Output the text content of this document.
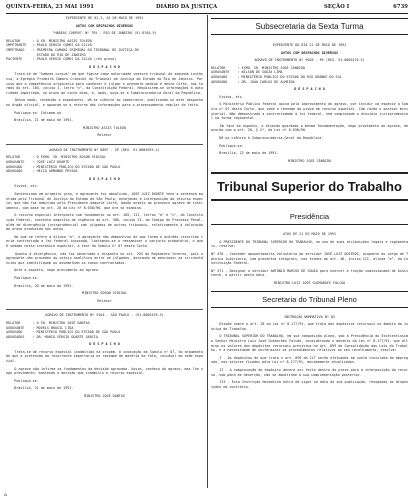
QUINTA-FEIRA, 23 MAI 1991	DIÁRIO DA JUSTIÇA	SEÇÃO I	6739
EXPEDIENTE DE 02.2, 61 DE MAIO DE 1991
AUTOS COM DESPACHOS DIVERSOS
"HABEAS CORPUS" Nº 795 - RIO DE JANEIRO (91.0765-9)
RELATOR      : O SR. MINISTRO ASSIS TOLEDO
IMPETRANTE   : PAULO SERGIO COMES DA SILVA
IMPETRADO    : PRIMEIRA CAMARA CRIMINAL DO TRIBUNAL DE JUSTIÇA DO
ESTADO DO RIO DE JANEIRO
PACIENTE     : PAULO SERGIO COMES DA SILVA (réu preso)
D E S P A C H O
Trata-se de "habeas corpus" em que figura como autoridade coatora tribunal de segunda instância, a Egrégia Primeira Câmara Criminal do Tribunal de Justiça do Estado do Rio de Janeiro. Por isso que a competência originária para conhecer e julgar o presente pedido é desta Corte, nos termos do art. 105, inciso I, letra "c", da Constituição Federal. Requisitem-se informações à autoridade impetrada, no prazo de cinco dias, e, após, ouça-se a Subprocuradoria Geral da República.
Desse modo, recebido o expediente, dê-se ciência ao impetrante, publicando-se este despacho no órgão oficial, e aguarde-se o retorno das informações para o processamento regular do feito.
Publique-se. Intimem-se.
Brasília, 21 de maio de 1991.
MINISTRO ASSIS TOLEDO
Relator
AGRAVO DE INSTRUMENTO Nº 8897 - SP (REG. 91.0004993-1)
RELATOR      : O EXMO. SR. MINISTRO EDSON VIDIGAL
AGRAVANTE    : JOSÉ LUIZ DUARTE
AGRAVADO     : MINISTÉRIO PÚBLICO DO ESTADO DE SÃO PAULO
ADVOGADO     : HÉLIO ARMANDO PESSOA
D E S P A C H O
Vistos, etc.
Sentenciado em primeiro grau, o agravante foi absolvido, JOSÉ LUIZ DUARTE teve a sentença mantida pelo Tribunal de Justiça do Estado de São Paulo, ensejando a interposição do recurso especial que não foi admitido pelo Presidente daquela Corte, dando ensejo ao presente agravo de instrumento, com base no art. 28 da Lei nº 8.038/90, que ora se examina.
O recurso especial interposto com fundamento no art. 105, III, letras "a" e "c", da Constituição Federal, sustenta negativa de vigência ao art. 386, inciso VI, do Código de Processo Penal, além de divergência jurisprudencial com julgados de outros tribunais, relativamente à valoração da prova produzida nos autos.
No que se refere à alínea "a", o agravante não demonstrou de que forma o acórdão recorrido teria contrariado a lei federal invocada, limitando-se a reexaminar o conjunto probatório, o que é vedado nesta instância especial, a teor da Súmula nº 07 desta Corte.
Quanto à divergência, não foi observado o disposto no art. 255 do Regimento Interno, pois o agravante não procedeu ao cotejo analítico entre os julgados, deixando de mencionar as circunstâncias que identifiquem ou assemelhem os casos confrontados.
Ante o exposto, nego provimento ao agravo.
Publique-se.
Brasília, 20 de maio de 1991.
MINISTRO EDSON VIDIGAL
Relator
AGRAVO DE INSTRUMENTO Nº 9104 - SÃO PAULO - (91.0005476-5)
RELATOR      : O SR. MINISTRO JOSÉ DANTAS
AGRAVANTE    : MOVEIS BRASIL LTDA
AGRAVADO     : MINISTÉRIO PÚBLICO DO ESTADO DE SÃO PAULO
ADVOGADOS    : DR. MÁRIO SÉRGIO DUARTE GARCIA
D E S P A C H O
Trata-se de recurso especial inadmitido na origem, à invocação da Súmula nº 07, ao argumento de que a pretensão do recorrente importaria no reexame de matéria de fato, inviável em sede especial.
O agravo não infirma os fundamentos da decisão agravada. Assim, conheço do agravo, mas lhe nego provimento, mantendo a decisão que inadmitiu o recurso especial.
Publique-se.
Brasília, 21 de maio de 1991.
MINISTRO JOSÉ DANTAS
Subsecretaria da Sexta Turma
EXPEDIENTE DO DIA 21 DE MAIO DE 1991
AUTOS COM DESPACHOS DIVERSOS
AGRAVO DE INSTRUMENTO Nº 9026 - RS (REG. 91.0005476-5)
RELATOR      : EXMO. SR. MINISTRO JOSÉ CÂNDIDO
AGRAVANTE    : NILSON DE SOUZA LIMA
AGRAVADO     : MINISTÉRIO PÚBLICO DO ESTADO DO RIO GRANDE DO SUL
ADVOGADO     : DR. JOÃO CARLOS DE ALMEIDA
D E S P A C H O
Vistos, etc.
O Ministério Público Federal opina pela improvimento do agravo, por incidir na espécie a Súmula nº 07 desta Corte, que veda o reexame de prova em recurso especial. Com razão o parecer ministerial. Não demonstrada a contrariedade à lei federal, nem comprovado o dissídio jurisprudencial na forma regimental.
Em face do exposto, e dizendo guardado a mesma fundamentação, nego provimento ao agravo, de acordo com o art. 28, § 2º, da Lei nº 8.038/90.
Dê-se ciência à Subprocuradoria-Geral da República.
Publique-se.
Brasília, 22 de maio de 1991.
MINISTRO JOSÉ CÂNDIDO
Tribunal Superior do Trabalho
Presidência
ATOS DE 21 DE MAIO DE 1991
O PRESIDENTE DO TRIBUNAL SUPERIOR DO TRABALHO, no uso de suas atribuições legais e regimentais, resolve:
Nº 470 - Conceder aposentadoria voluntária ao servidor JOSÉ LUIZ QUEIROZ, ocupante do cargo de Técnico Judiciário, com proventos integrais, nos termos do art. 40, inciso III, alínea "a", da Constituição Federal.
Nº 471 - Designar o servidor ANTÔNIO MARCOS DE SOUZA para exercer a função comissionada de Assistente, a partir desta data.
MINISTRO LUIZ JOSÉ GUIMARÃES FALCÃO
Secretaria do Tribunal Pleno
INSTRUÇÃO NORMATIVA Nº 02
Dispõe sobre o art. 28 da Lei nº 8.177/91, que trata dos depósitos recursais no âmbito da Justiça do Trabalho.
O TRIBUNAL SUPERIOR DO TRABALHO, em sua composição plena, sob a Presidência do Excelentíssimo Senhor Ministro Luiz José Guimarães Falcão, considerando o advento da Lei nº 8.177/91, que alterou os valores dos depósitos recursais previstos no art. 899 da Consolidação das Leis do Trabalho, e a necessidade de uniformizar os procedimentos relativos ao seu recolhimento, resolve:
I - Os depósitos de que trata o art. 899 da CLT serão efetuados em conta vinculada do empregado, nos valores fixados pela Lei nº 8.177/91, devidamente atualizados.
II - A comprovação do depósito deverá ser feita dentro do prazo para a interposição do recurso, sob pena de deserção, não se admitindo a sua complementação posterior.
III - Esta Instrução Normativa entra em vigor na data de sua publicação, revogadas as disposições em contrário.
a
